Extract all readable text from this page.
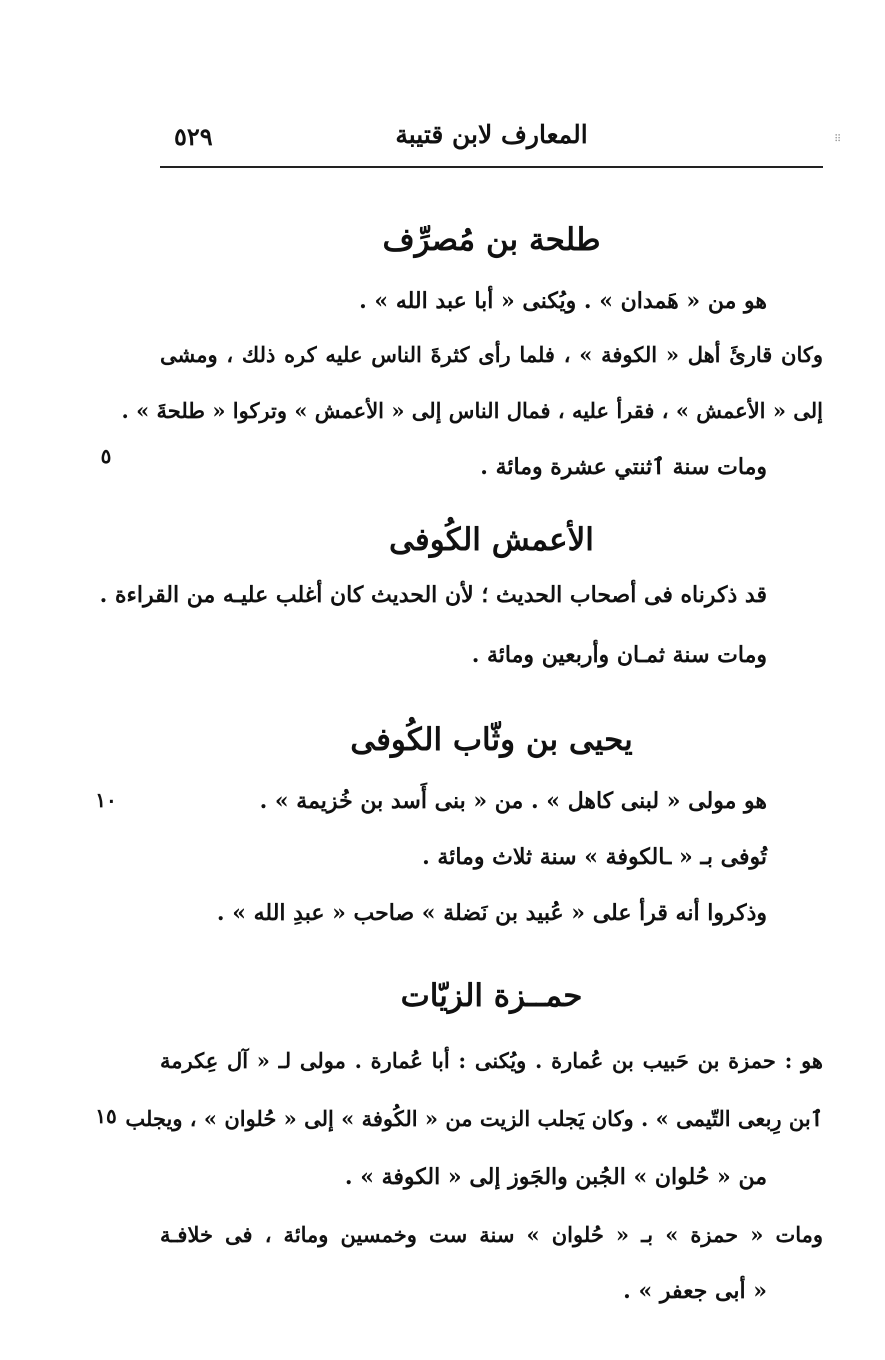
المعارف لابن قتيبة
٥٢٩	⠿
طلحة بن مُصرِّف
هو من « هَمدان » . ويُكنى « أبا عبد الله » .
وكان قارئَ أهل « الكوفة » ، فلما رأى كثرةَ الناس عليه كره ذلك ، ومشى
إلى « الأعمش » ، فقرأ عليه ، فمال الناس إلى « الأعمش » وتركوا « طلحةَ » .
ومات سنة ٱثنتي عشرة ومائة .
٥
الأعمش الكُوفى
قد ذكرناه فى أصحاب الحديث ؛ لأن الحديث كان أغلب عليـه من القراءة .
ومات سنة ثمـان وأربعين ومائة .
يحيى بن وثّاب الكُوفى
هو مولى « لبنى كاهل » . من « بنى أَسد بن خُزيمة » .
١٠
تُوفى بـ « ـالكوفة » سنة ثلاث ومائة .
وذكروا أنه قرأ على « عُبيد بن نَضلة » صاحب « عبدِ الله » .
حمــزة الزيّات
هو : حمزة بن حَبيب بن عُمارة . ويُكنى : أبا عُمارة . مولى لـ « آل عِكرمة
ٱبن رِبعى التّيمى » . وكان يَجلب الزيت من « الكُوفة » إلى « حُلوان » ، ويجلب
١٥
من « حُلوان » الجُبن والجَوز إلى « الكوفة » .
ومات « حمزة » بـ « حُلوان » سنة ست وخمسين ومائة ، فى خلافـة
« أبى جعفر » .
